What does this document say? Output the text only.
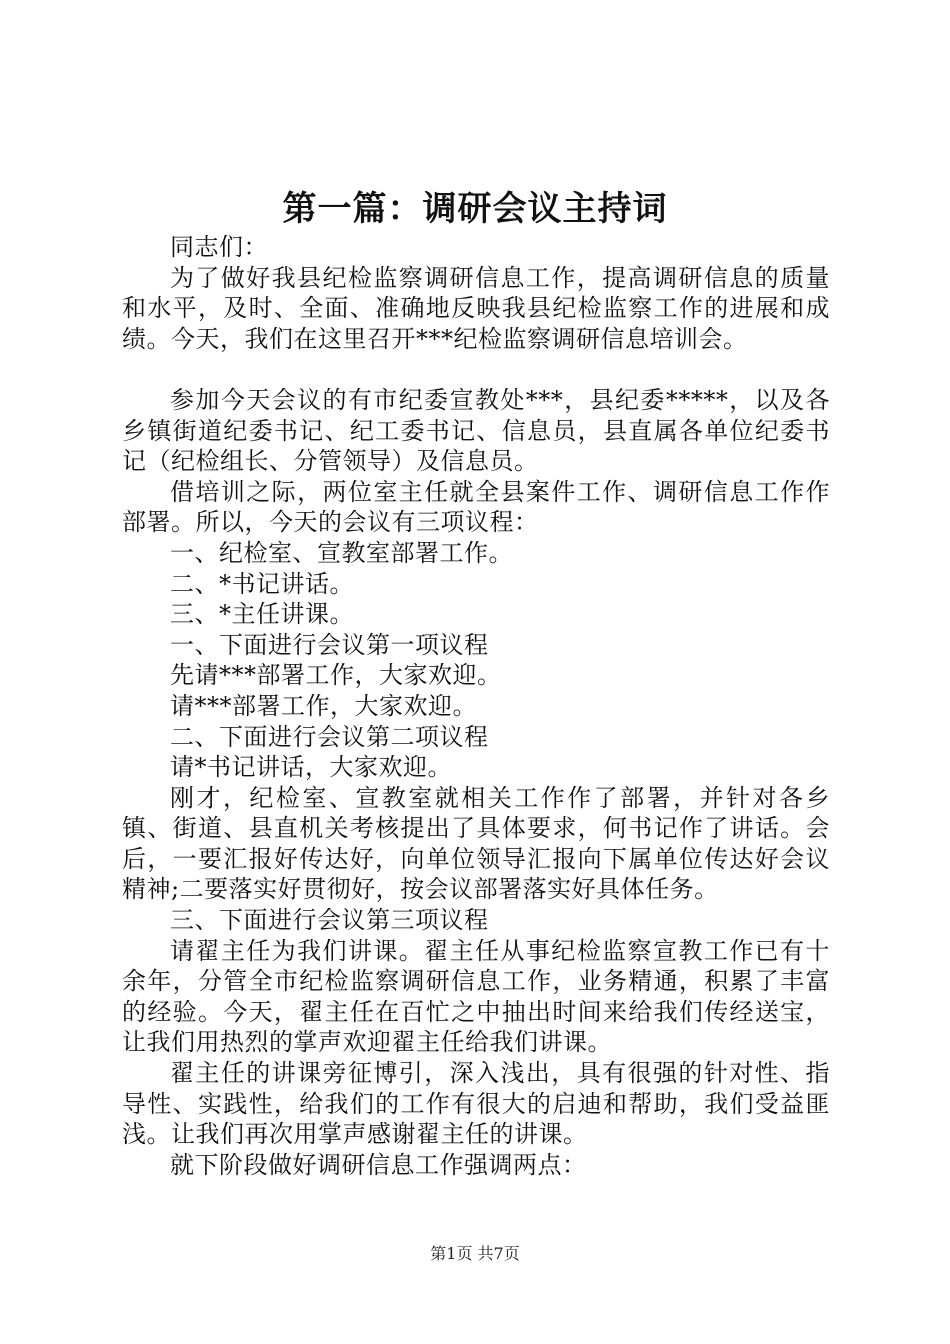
第一篇：调研会议主持词

同志们：

为了做好我县纪检监察调研信息工作，提高调研信息的质量和水平，及时、全面、准确地反映我县纪检监察工作的进展和成绩。今天，我们在这里召开***纪检监察调研信息培训会。

参加今天会议的有市纪委宣教处***，县纪委*****，以及各乡镇街道纪委书记、纪工委书记、信息员，县直属各单位纪委书记（纪检组长、分管领导）及信息员。

借培训之际，两位室主任就全县案件工作、调研信息工作作部署。所以，今天的会议有三项议程：

一、纪检室、宣教室部署工作。

二、*书记讲话。

三、*主任讲课。

一、下面进行会议第一项议程

先请***部署工作，大家欢迎。

请***部署工作，大家欢迎。

二、下面进行会议第二项议程

请*书记讲话，大家欢迎。

刚才，纪检室、宣教室就相关工作作了部署，并针对各乡镇、街道、县直机关考核提出了具体要求，何书记作了讲话。会后，一要汇报好传达好，向单位领导汇报向下属单位传达好会议精神;二要落实好贯彻好，按会议部署落实好具体任务。

三、下面进行会议第三项议程

请翟主任为我们讲课。翟主任从事纪检监察宣教工作已有十余年，分管全市纪检监察调研信息工作，业务精通，积累了丰富的经验。今天，翟主任在百忙之中抽出时间来给我们传经送宝，让我们用热烈的掌声欢迎翟主任给我们讲课。

翟主任的讲课旁征博引，深入浅出，具有很强的针对性、指导性、实践性，给我们的工作有很大的启迪和帮助，我们受益匪浅。让我们再次用掌声感谢翟主任的讲课。

就下阶段做好调研信息工作强调两点：

第1页 共7页
